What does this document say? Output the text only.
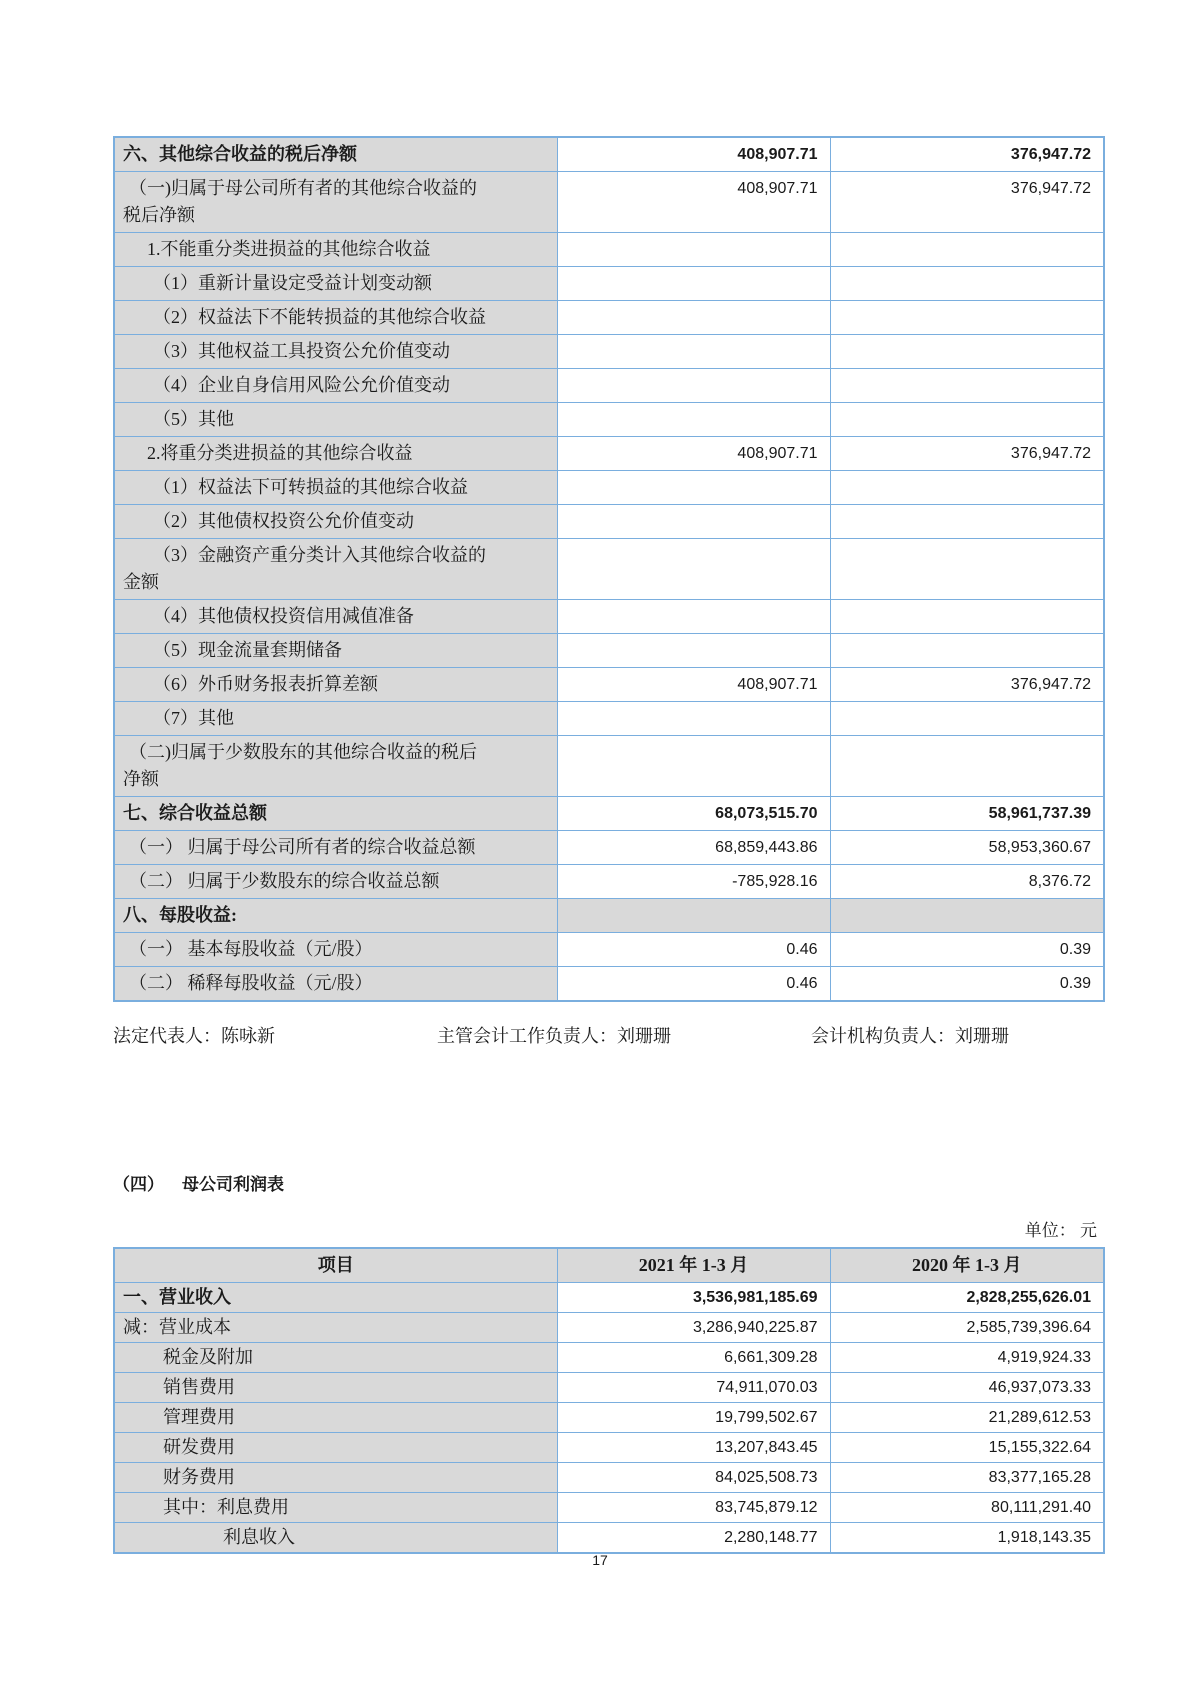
六、其他综合收益的税后净额	408,907.71	376,947.72
（一)归属于母公司所有者的其他综合收益的
税后净额	408,907.71	376,947.72
1.不能重分类进损益的其他综合收益		
（1）重新计量设定受益计划变动额		
（2）权益法下不能转损益的其他综合收益		
（3）其他权益工具投资公允价值变动		
（4）企业自身信用风险公允价值变动		
（5）其他		
2.将重分类进损益的其他综合收益	408,907.71	376,947.72
（1）权益法下可转损益的其他综合收益		
（2）其他债权投资公允价值变动		
（3）金融资产重分类计入其他综合收益的
金额		
（4）其他债权投资信用减值准备		
（5）现金流量套期储备		
（6）外币财务报表折算差额	408,907.71	376,947.72
（7）其他		
（二)归属于少数股东的其他综合收益的税后
净额		
七、综合收益总额	68,073,515.70	58,961,737.39
（一） 归属于母公司所有者的综合收益总额	68,859,443.86	58,953,360.67
（二） 归属于少数股东的综合收益总额	-785,928.16	8,376.72
八、每股收益:		
（一） 基本每股收益（元/股）	0.46	0.39
（二） 稀释每股收益（元/股）	0.46	0.39
法定代表人：陈咏新	主管会计工作负责人：刘珊珊	会计机构负责人：刘珊珊
（四） 母公司利润表
单位： 元
项目	2021 年 1-3 月	2020 年 1-3 月
一、营业收入	3,536,981,185.69	2,828,255,626.01
减：营业成本	3,286,940,225.87	2,585,739,396.64
税金及附加	6,661,309.28	4,919,924.33
销售费用	74,911,070.03	46,937,073.33
管理费用	19,799,502.67	21,289,612.53
研发费用	13,207,843.45	15,155,322.64
财务费用	84,025,508.73	83,377,165.28
其中：利息费用	83,745,879.12	80,111,291.40
利息收入	2,280,148.77	1,918,143.35
17
